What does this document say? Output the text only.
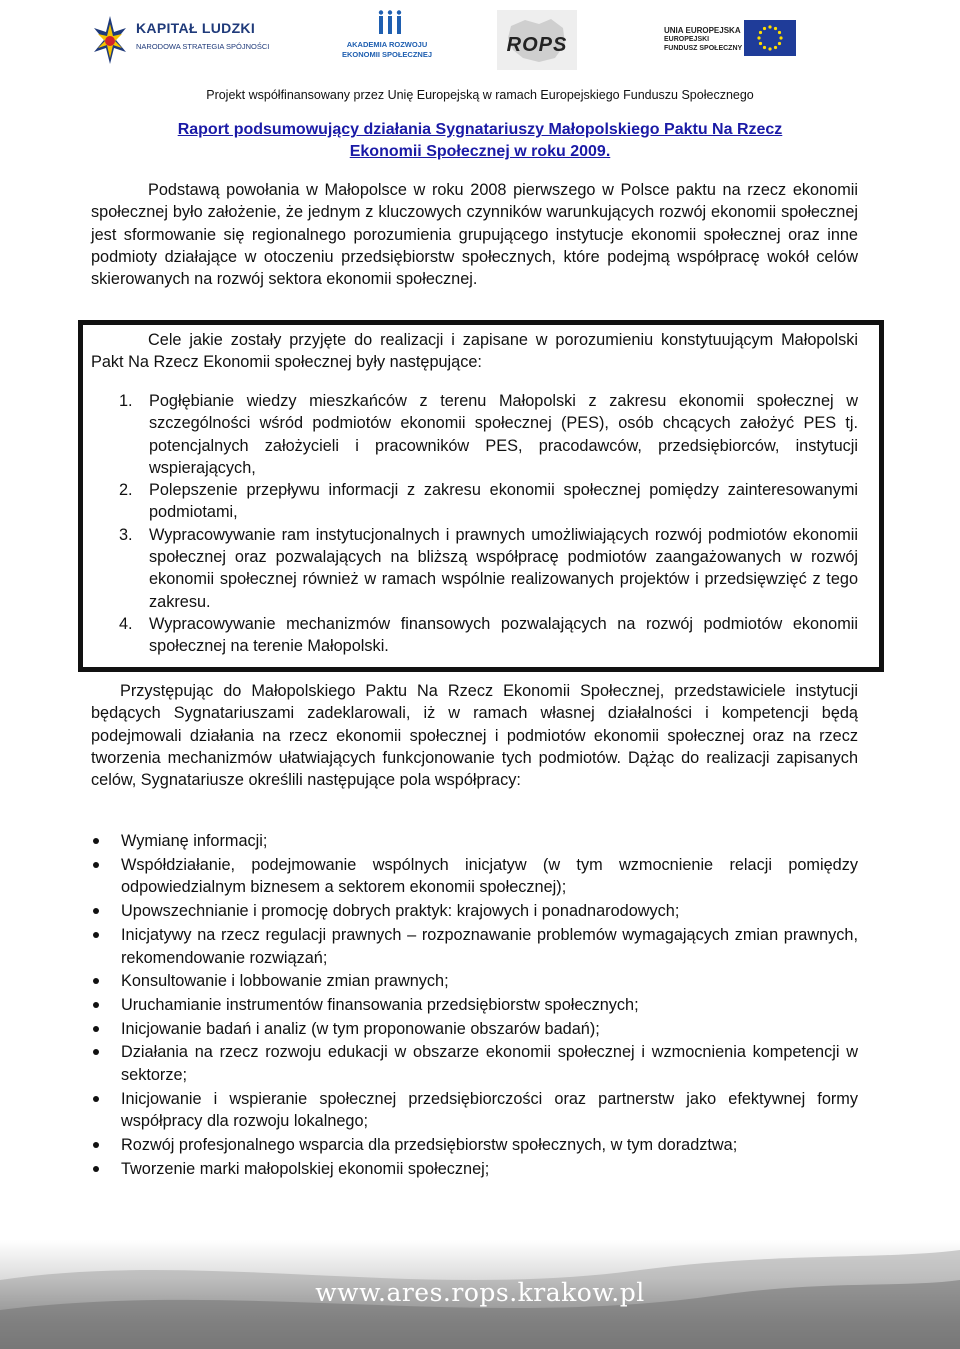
KAPITAŁ LUDZKI
NARODOWA STRATEGIA SPÓJNOŚCI	AKADEMIA ROZWOJU
EKONOMII SPOŁECZNEJ	ROPS
UNIA EUROPEJSKA
EUROPEJSKI
FUNDUSZ SPOŁECZNY
Projekt współfinansowany przez Unię Europejską w ramach Europejskiego Funduszu Społecznego
Raport podsumowujący działania Sygnatariuszy Małopolskiego Paktu Na Rzecz
Ekonomii Społecznej w roku 2009.

Podstawą powołania w Małopolsce w roku 2008 pierwszego w Polsce paktu na rzecz ekonomii społecznej było założenie, że jednym z kluczowych czynników warunkujących rozwój ekonomii społecznej jest sformowanie się regionalnego porozumienia grupującego instytucje ekonomii społecznej oraz inne podmioty działające w otoczeniu przedsiębiorstw społecznych, które podejmą współpracę wokół celów skierowanych na rozwój sektora ekonomii społecznej.

Cele jakie zostały przyjęte do realizacji i zapisane w porozumieniu konstytuującym Małopolski Pakt Na Rzecz Ekonomii społecznej były następujące:

1. Pogłębianie wiedzy mieszkańców z terenu Małopolski z zakresu ekonomii społecznej w szczególności wśród podmiotów ekonomii społecznej (PES), osób chcących założyć PES tj. potencjalnych założycieli i pracowników PES, pracodawców, przedsiębiorców, instytucji wspierających,
2. Polepszenie przepływu informacji z zakresu ekonomii społecznej pomiędzy zainteresowanymi podmiotami,
3. Wypracowywanie ram instytucjonalnych i prawnych umożliwiających rozwój podmiotów ekonomii społecznej oraz pozwalających na bliższą współpracę podmiotów zaangażowanych w rozwój ekonomii społecznej również w ramach wspólnie realizowanych projektów i przedsięwzięć z tego zakresu.
4. Wypracowywanie mechanizmów finansowych pozwalających na rozwój podmiotów ekonomii społecznej na terenie Małopolski.

Przystępując do Małopolskiego Paktu Na Rzecz Ekonomii Społecznej, przedstawiciele instytucji będących Sygnatariuszami zadeklarowali, iż w ramach własnej działalności i kompetencji będą podejmowali działania na rzecz ekonomii społecznej i podmiotów ekonomii społecznej oraz na rzecz tworzenia mechanizmów ułatwiających funkcjonowanie tych podmiotów. Dążąc do realizacji zapisanych celów, Sygnatariusze określili następujące pola współpracy:

Wymianę informacji;
Współdziałanie, podejmowanie wspólnych inicjatyw (w tym wzmocnienie relacji pomiędzy odpowiedzialnym biznesem a sektorem ekonomii społecznej);
Upowszechnianie i promocję dobrych praktyk: krajowych i ponadnarodowych;
Inicjatywy na rzecz regulacji prawnych – rozpoznawanie problemów wymagających zmian prawnych, rekomendowanie rozwiązań;
Konsultowanie i lobbowanie zmian prawnych;
Uruchamianie instrumentów finansowania przedsiębiorstw społecznych;
Inicjowanie badań i analiz (w tym proponowanie obszarów badań);
Działania na rzecz rozwoju edukacji w obszarze ekonomii społecznej i wzmocnienia kompetencji w sektorze;
Inicjowanie i wspieranie społecznej przedsiębiorczości oraz partnerstw jako efektywnej formy współpracy dla rozwoju lokalnego;
Rozwój profesjonalnego wsparcia dla przedsiębiorstw społecznych, w tym doradztwa;
Tworzenie marki małopolskiej ekonomii społecznej;
www.ares.rops.krakow.pl
